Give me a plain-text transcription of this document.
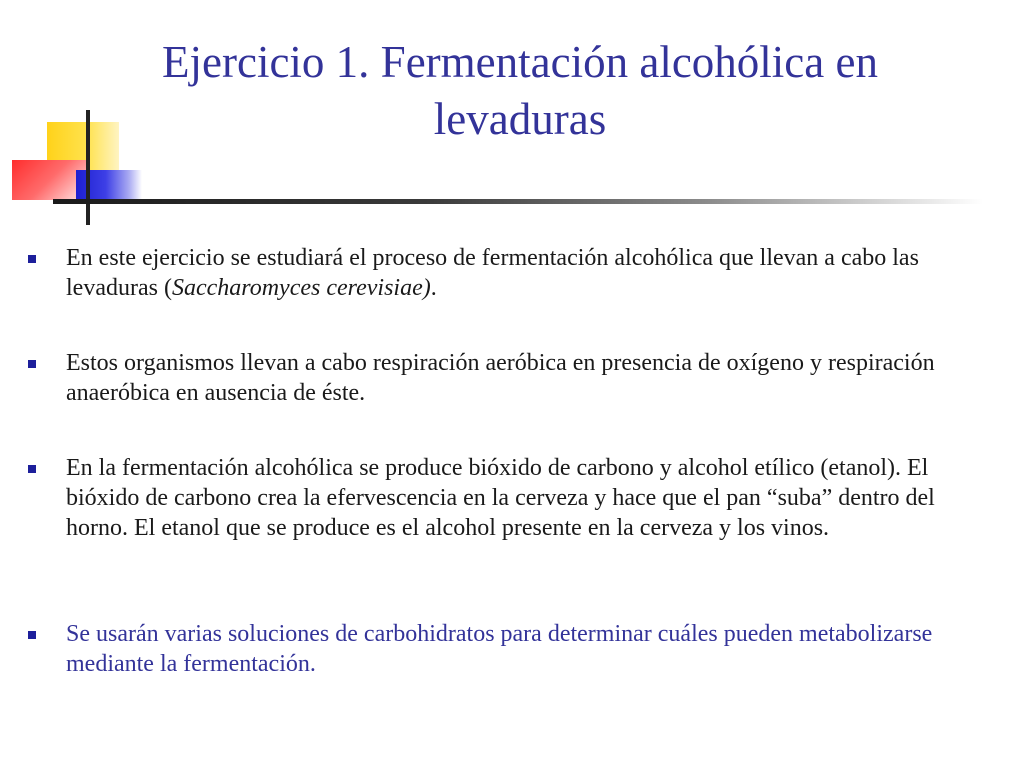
Ejercicio 1. Fermentación alcohólica en
levaduras
En este ejercicio se estudiará el proceso de fermentación alcohólica que llevan a cabo las levaduras (Saccharomyces cerevisiae).
Estos organismos llevan a cabo respiración aeróbica en presencia de oxígeno y respiración anaeróbica en ausencia de éste.
En la fermentación alcohólica se produce bióxido de carbono y alcohol etílico (etanol). El bióxido de carbono crea la efervescencia en la cerveza y hace que el pan “suba” dentro del horno. El etanol que se produce es el alcohol presente en la cerveza y los vinos.
Se usarán varias soluciones de carbohidratos para determinar cuáles pueden metabolizarse mediante la fermentación.
